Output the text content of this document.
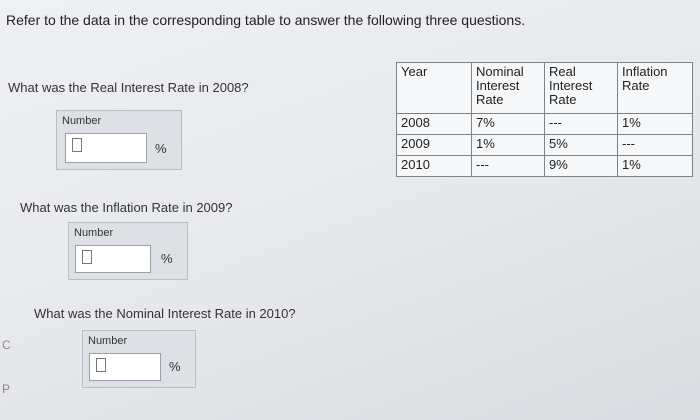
Refer to the data in the corresponding table to answer the following three questions.
What was the Real Interest Rate in 2008?
Number
%
What was the Inflation Rate in 2009?
Number
%
What was the Nominal Interest Rate in 2010?
Number
%
Year	Nominal Interest Rate	Real Interest Rate	Inflation Rate
2008	7%	---	1%
2009	1%	5%	---
2010	---	9%	1%
C
P
